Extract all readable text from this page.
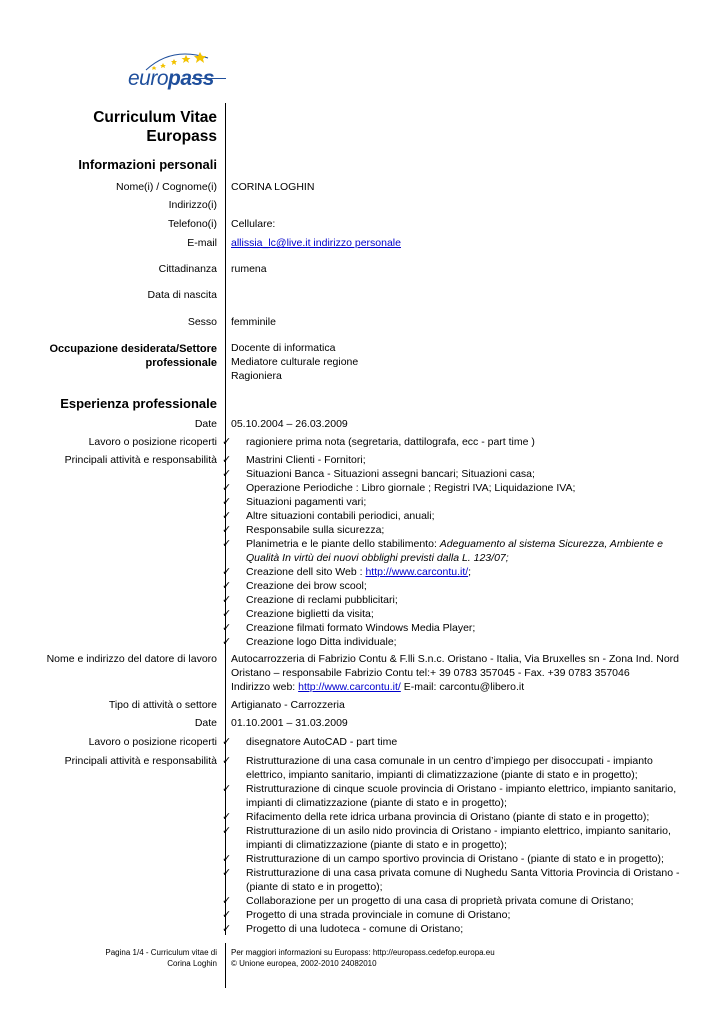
europass
Curriculum Vitae
Europass
Informazioni personali
Nome(i) / Cognome(i) CORINA LOGHIN
Indirizzo(i)
Telefono(i) Cellulare:
E-mail allissia_lc@live.it indirizzo personale
Cittadinanza rumena
Data di nascita
Sesso femminile
Occupazione desiderata/Settore
professionale
Docente di informatica
Mediatore culturale regione
Ragioniera
Esperienza professionale
Date 05.10.2004 – 26.03.2009
Lavoro o posizione ricoperti ✓ ragioniere prima nota (segretaria, dattilografa, ecc - part time )
Principali attività e responsabilità ✓ Mastrini Clienti - Fornitori;
✓ Situazioni Banca - Situazioni assegni bancari; Situazioni casa;
✓ Operazione Periodiche : Libro giornale ; Registri IVA; Liquidazione IVA;
✓ Situazioni pagamenti vari;
✓ Altre situazioni contabili periodici, anuali;
✓ Responsabile sulla sicurezza;
✓ Planimetria e le piante dello stabilimento: Adeguamento al sistema Sicurezza, Ambiente e Qualità In virtù dei nuovi obblighi previsti dalla L. 123/07;
✓ Creazione dell sito Web : http://www.carcontu.it/;
✓ Creazione dei brow scool;
✓ Creazione di reclami pubblicitari;
✓ Creazione biglietti da visita;
✓ Creazione filmati formato Windows Media Player;
✓ Creazione logo Ditta individuale;
Nome e indirizzo del datore di lavoro Autocarrozzeria di Fabrizio Contu & F.lli S.n.c. Oristano - Italia, Via Bruxelles sn - Zona Ind. Nord
Oristano – responsabile Fabrizio Contu tel:+ 39 0783 357045 - Fax. +39 0783 357046
Indirizzo web: http://www.carcontu.it/ E-mail: carcontu@libero.it
Tipo di attività o settore Artigianato - Carrozzeria
Date 01.10.2001 – 31.03.2009
Lavoro o posizione ricoperti ✓ disegnatore AutoCAD - part time
Principali attività e responsabilità ✓ Ristrutturazione di una casa comunale in un centro d’impiego per disoccupati - impianto elettrico, impianto sanitario, impianti di climatizzazione (piante di stato e in progetto);
✓ Ristrutturazione di cinque scuole provincia di Oristano - impianto elettrico, impianto sanitario, impianti di climatizzazione (piante di stato e in progetto);
✓ Rifacimento della rete idrica urbana provincia di Oristano (piante di stato e in progetto);
✓ Ristrutturazione di un asilo nido provincia di Oristano - impianto elettrico, impianto sanitario, impianti di climatizzazione (piante di stato e in progetto);
✓ Ristrutturazione di un campo sportivo provincia di Oristano - (piante di stato e in progetto);
✓ Ristrutturazione di una casa privata comune di Nughedu Santa Vittoria Provincia di Oristano - (piante di stato e in progetto);
✓ Collaborazione per un progetto di una casa di proprietà privata comune di Oristano;
✓ Progetto di una strada provinciale in comune di Oristano;
✓ Progetto di una ludoteca - comune di Oristano;
Pagina 1/4 - Curriculum vitae di
Corina Loghin
Per maggiori informazioni su Europass: http://europass.cedefop.europa.eu
© Unione europea, 2002-2010 24082010
